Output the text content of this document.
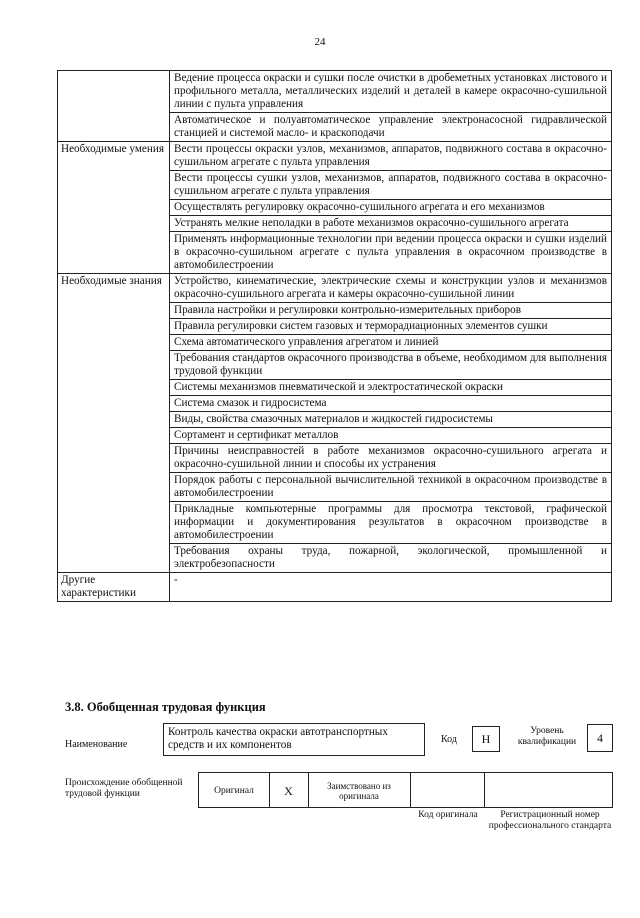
24
	Ведение процесса окраски и сушки после очистки в дробеметных установках листового и профильного металла, металлических изделий и деталей в камере окрасочно-сушильной линии с пульта управления
	Автоматическое и полуавтоматическое управление электронасосной гидравлической станцией и системой масло- и краскоподачи
Необходимые умения	Вести процессы окраски узлов, механизмов, аппаратов, подвижного состава в окрасочно-сушильном агрегате с пульта управления
	Вести процессы сушки узлов, механизмов, аппаратов, подвижного состава в окрасочно-сушильном агрегате с пульта управления
	Осуществлять регулировку окрасочно-сушильного агрегата и его механизмов
	Устранять мелкие неполадки в работе механизмов окрасочно-сушильного агрегата
	Применять информационные технологии при ведении процесса окраски и сушки изделий в окрасочно-сушильном агрегате с пульта управления в окрасочном производстве в автомобилестроении
Необходимые знания	Устройство, кинематические, электрические схемы и конструкции узлов и механизмов окрасочно-сушильного агрегата и камеры окрасочно-сушильной линии
	Правила настройки и регулировки контрольно-измерительных приборов
	Правила регулировки систем газовых и терморадиационных элементов сушки
	Схема автоматического управления агрегатом и линией
	Требования стандартов окрасочного производства в объеме, необходимом для выполнения трудовой функции
	Системы механизмов пневматической и электростатической окраски
	Система смазок и гидросистема
	Виды, свойства смазочных материалов и жидкостей гидросистемы
	Сортамент и сертификат металлов
	Причины неисправностей в работе механизмов окрасочно-сушильного агрегата и окрасочно-сушильной линии и способы их устранения
	Порядок работы с персональной вычислительной техникой в окрасочном производстве в автомобилестроении
	Прикладные компьютерные программы для просмотра текстовой, графической информации и документирования результатов в окрасочном производстве в автомобилестроении
	Требования охраны труда, пожарной, экологической, промышленной и электробезопасности
Другие характеристики	-
3.8. Обобщенная трудовая функция
Наименование
Контроль качества окраски автотранспортных средств и их компонентов	Код	Н
Уровень квалификации	4
Происхождение обобщенной трудовой функции	Оригинал	X	Заимствовано из оригинала
Код оригинала	Регистрационный номер профессионального стандарта
